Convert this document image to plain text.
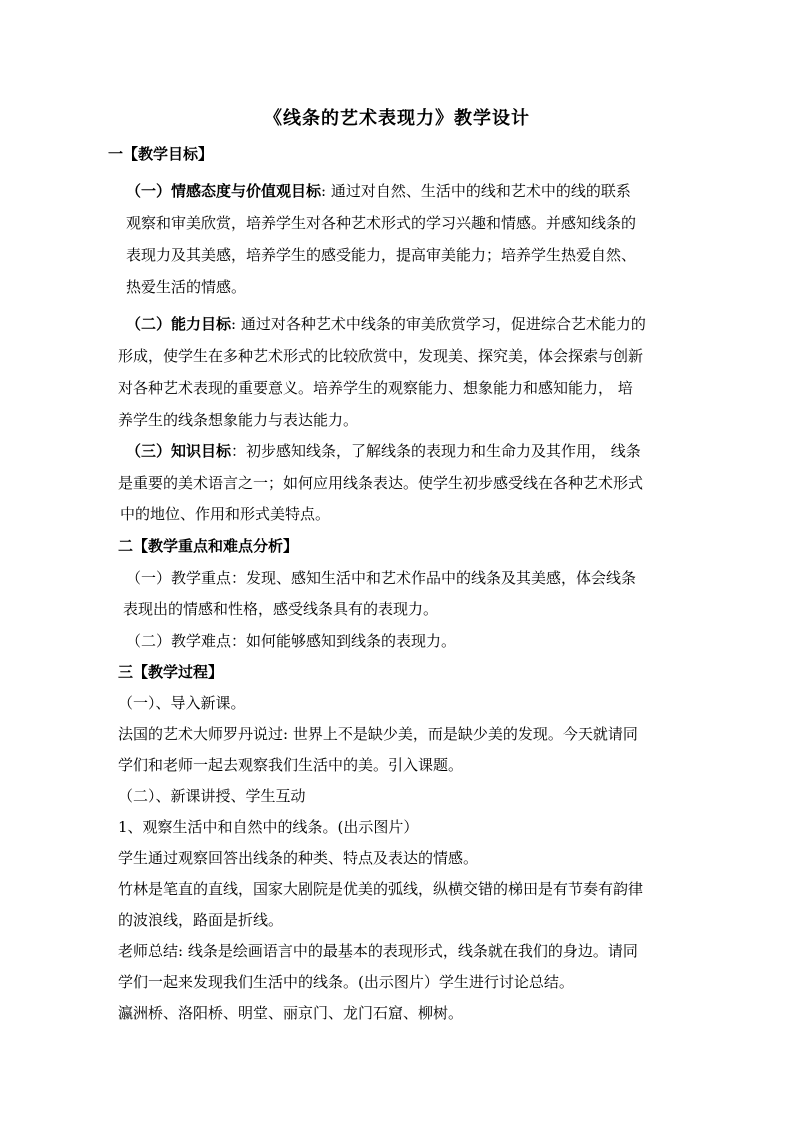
《线条的艺术表现力》教学设计
一【教学目标】
（一）情感态度与价值观目标: 通过对自然、生活中的线和艺术中的线的联系
观察和审美欣赏，培养学生对各种艺术形式的学习兴趣和情感。并感知线条的
表现力及其美感，培养学生的感受能力，提高审美能力；培养学生热爱自然、
热爱生活的情感。
（二）能力目标: 通过对各种艺术中线条的审美欣赏学习，促进综合艺术能力的
形成，使学生在多种艺术形式的比较欣赏中，发现美、探究美，体会探索与创新
对各种艺术表现的重要意义。培养学生的观察能力、想象能力和感知能力， 培
养学生的线条想象能力与表达能力。
（三）知识目标：初步感知线条，了解线条的表现力和生命力及其作用， 线条
是重要的美术语言之一；如何应用线条表达。使学生初步感受线在各种艺术形式
中的地位、作用和形式美特点。
二【教学重点和难点分析】
（一）教学重点：发现、感知生活中和艺术作品中的线条及其美感，体会线条
表现出的情感和性格，感受线条具有的表现力。
（二）教学难点：如何能够感知到线条的表现力。
三【教学过程】
（一）、导入新课。
法国的艺术大师罗丹说过: 世界上不是缺少美，而是缺少美的发现。今天就请同
学们和老师一起去观察我们生活中的美。引入课题。
（二）、新课讲授、学生互动
1、观察生活中和自然中的线条。(出示图片）
学生通过观察回答出线条的种类、特点及表达的情感。
竹林是笔直的直线，国家大剧院是优美的弧线，纵横交错的梯田是有节奏有韵律
的波浪线，路面是折线。
老师总结: 线条是绘画语言中的最基本的表现形式，线条就在我们的身边。请同
学们一起来发现我们生活中的线条。(出示图片）学生进行讨论总结。
瀛洲桥、洛阳桥、明堂、丽京门、龙门石窟、柳树。
